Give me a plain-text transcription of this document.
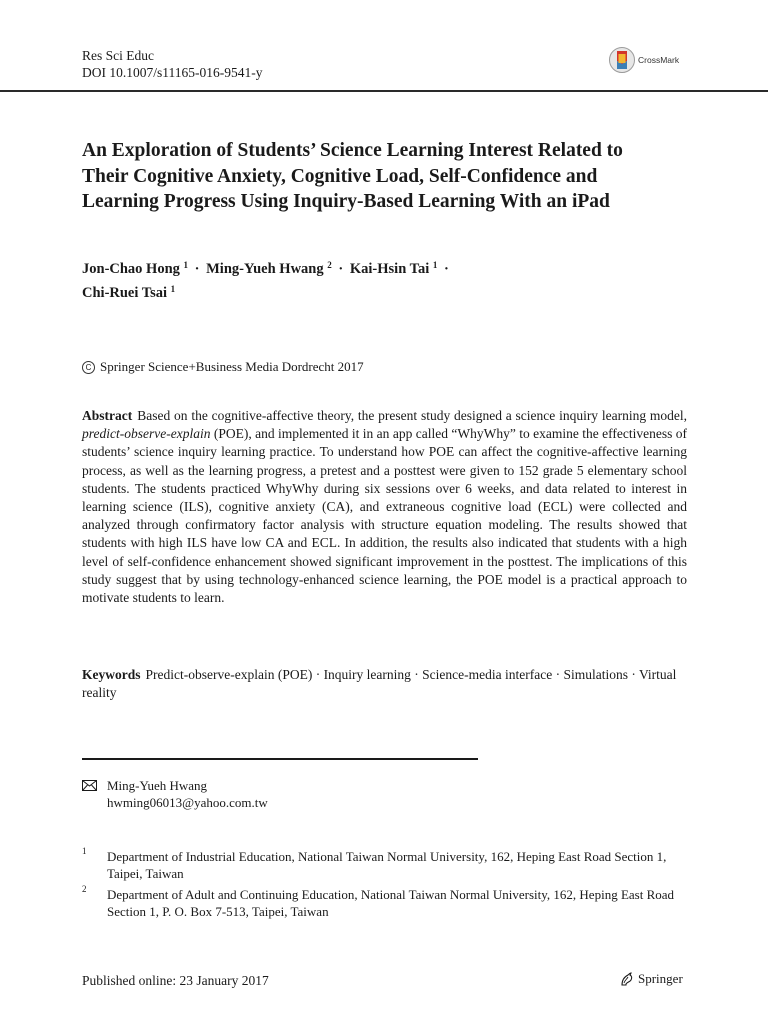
Res Sci Educ
DOI 10.1007/s11165-016-9541-y
CrossMark
An Exploration of Students’ Science Learning Interest Related to Their Cognitive Anxiety, Cognitive Load, Self-Confidence and Learning Progress Using Inquiry-Based Learning With an iPad
Jon-Chao Hong $^1$ · Ming-Yueh Hwang $^2$ · Kai-Hsin Tai $^1$ ·
Chi-Ruei Tsai $^1$
C Springer Science+Business Media Dordrecht 2017

Abstract Based on the cognitive-affective theory, the present study designed a science inquiry learning model, predict-observe-explain (POE), and implemented it in an app called “WhyWhy” to examine the effectiveness of students’ science inquiry learning practice. To understand how POE can affect the cognitive-affective learning process, as well as the learning progress, a pretest and a posttest were given to 152 grade 5 elementary school students. The students practiced WhyWhy during six sessions over 6 weeks, and data related to interest in learning science (ILS), cognitive anxiety (CA), and extraneous cognitive load (ECL) were collected and analyzed through confirmatory factor analysis with structure equation modeling. The results showed that students with high ILS have low CA and ECL. In addition, the results also indicated that students with a high level of self-confidence enhancement showed significant improvement in the posttest. The implications of this study suggest that by using technology-enhanced science learning, the POE model is a practical approach to motivate students to learn.

Keywords Predict-observe-explain (POE) · Inquiry learning · Science-media interface · Simulations · Virtual reality

Ming-Yueh Hwang
hwming06013@yahoo.com.tw
1 Department of Industrial Education, National Taiwan Normal University, 162, Heping East Road Section 1, Taipei, Taiwan
2 Department of Adult and Continuing Education, National Taiwan Normal University, 162, Heping East Road Section 1, P. O. Box 7-513, Taipei, Taiwan
Published online: 23 January 2017	Springer
